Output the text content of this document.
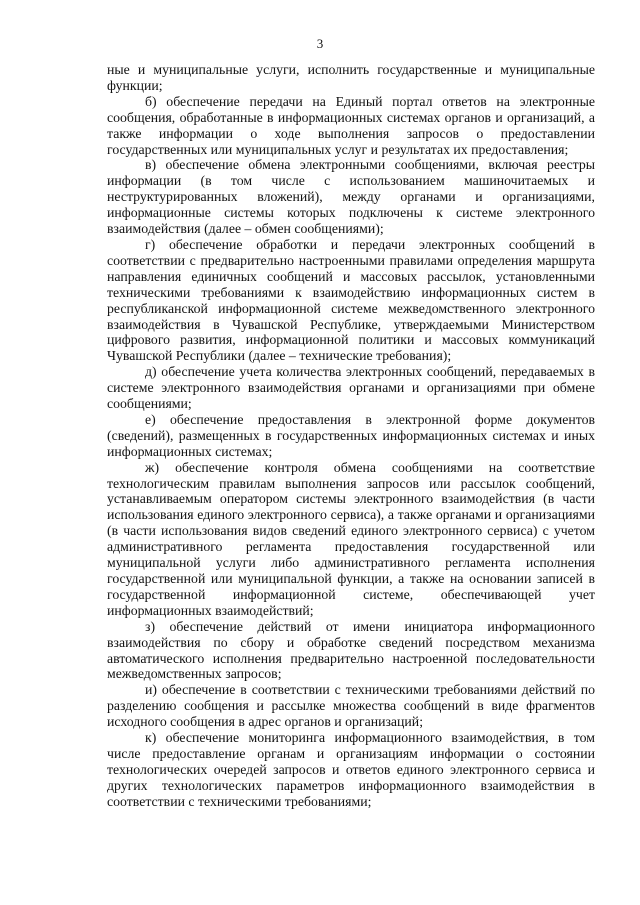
3

ные и муниципальные услуги, исполнить государственные и муниципальные функции;

б) обеспечение передачи на Единый портал ответов на электронные сообщения, обработанные в информационных системах органов и организаций, а также информации о ходе выполнения запросов о предоставлении государственных или муниципальных услуг и результатах их предоставления;

в) обеспечение обмена электронными сообщениями, включая реестры информации (в том числе с использованием машиночитаемых и неструктурированных вложений), между органами и организациями, информационные системы которых подключены к системе электронного взаимодействия (далее – обмен сообщениями);

г) обеспечение обработки и передачи электронных сообщений в соответствии с предварительно настроенными правилами определения маршрута направления единичных сообщений и массовых рассылок, установленными техническими требованиями к взаимодействию информационных систем в республиканской информационной системе межведомственного электронного взаимодействия в Чувашской Республике, утверждаемыми Министерством цифрового развития, информационной политики и массовых коммуникаций Чувашской Республики (далее – технические требования);

д) обеспечение учета количества электронных сообщений, передаваемых в системе электронного взаимодействия органами и организациями при обмене сообщениями;

е) обеспечение предоставления в электронной форме документов (сведений), размещенных в государственных информационных системах и иных информационных системах;

ж) обеспечение контроля обмена сообщениями на соответствие технологическим правилам выполнения запросов или рассылок сообщений, устанавливаемым оператором системы электронного взаимодействия (в части использования единого электронного сервиса), а также органами и организациями (в части использования видов сведений единого электронного сервиса) с учетом административного регламента предоставления государственной или муниципальной услуги либо административного регламента исполнения государственной или муниципальной функции, а также на основании записей в государственной информационной системе, обеспечивающей учет информационных взаимодействий;

з) обеспечение действий от имени инициатора информационного взаимодействия по сбору и обработке сведений посредством механизма автоматического исполнения предварительно настроенной последовательности межведомственных запросов;

и) обеспечение в соответствии с техническими требованиями действий по разделению сообщения и рассылке множества сообщений в виде фрагментов исходного сообщения в адрес органов и организаций;

к) обеспечение мониторинга информационного взаимодействия, в том числе предоставление органам и организациям информации о состоянии технологических очередей запросов и ответов единого электронного сервиса и других технологических параметров информационного взаимодействия в соответствии с техническими требованиями;
